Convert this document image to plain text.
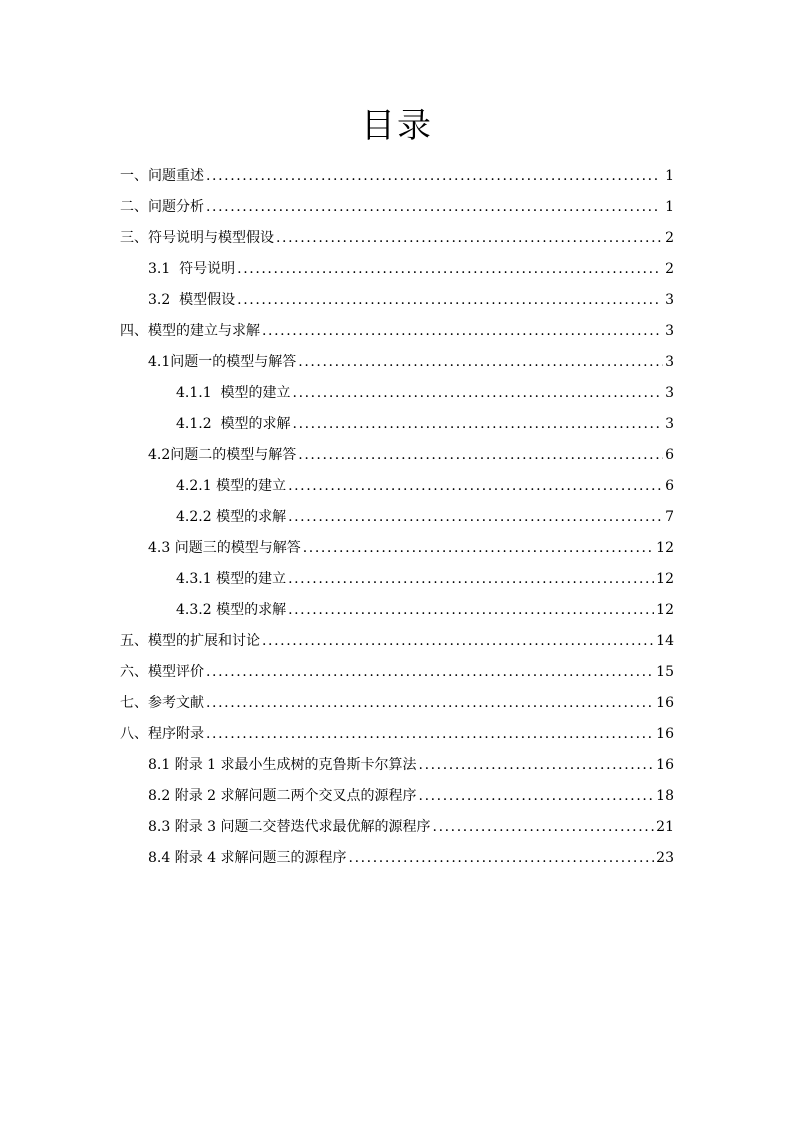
目录
一、 问题重述 .....	1
二、 问题分析 .....	1
三、 符号说明与模型假设 .....	2
3.1 符号说明 .....	2
3.2 模型假设 .....	3
四、 模型的建立与求解 .....	3
4.1 问题一的模型与解答 .....	3
4.1.1 模型的建立 .....	3
4.1.2 模型的求解 .....	3
4.2 问题二的模型与解答 .....	6
4.2.1 模型的建立 .....	6
4.2.2 模型的求解 .....	7
4.3 问题三的模型与解答 .....	12
4.3.1 模型的建立 .....	12
4.3.2 模型的求解 .....	12
五、 模型的扩展和讨论 .....	14
六、 模型评价 .....	15
七、 参考文献 .....	16
八、 程序附录 .....	16
8.1 附录 1 求最小生成树的克鲁斯卡尔算法 .....	16
8.2 附录 2 求解问题二两个交叉点的源程序 .....	18
8.3 附录 3 问题二交替迭代求最优解的源程序 .....	21
8.4 附录 4 求解问题三的源程序 .....	23
